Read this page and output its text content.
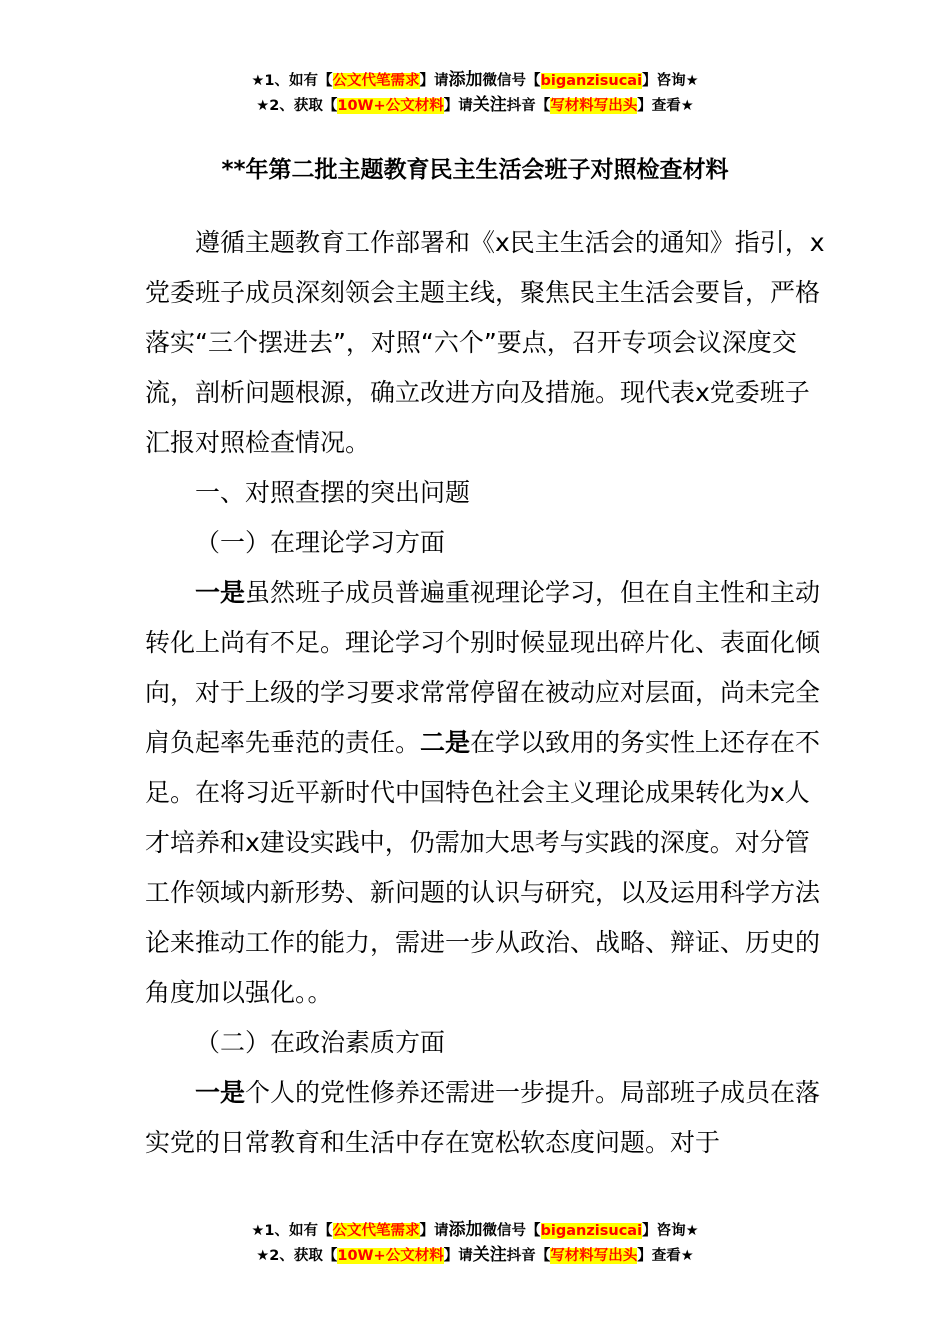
★1、如有【公文代笔需求】请添加微信号【biganzisucai】咨询★
★2、获取【10W+公文材料】请关注抖音【写材料写出头】查看★
**年第二批主题教育民主生活会班子对照检查材料

遵循主题教育工作部署和《x民主生活会的通知》指引，x党委班子成员深刻领会主题主线，聚焦民主生活会要旨，严格落实“三个摆进去”，对照“六个”要点，召开专项会议深度交流，剖析问题根源，确立改进方向及措施。现代表x党委班子汇报对照检查情况。

一、对照查摆的突出问题

（一）在理论学习方面

一是虽然班子成员普遍重视理论学习，但在自主性和主动转化上尚有不足。理论学习个别时候显现出碎片化、表面化倾向，对于上级的学习要求常常停留在被动应对层面，尚未完全肩负起率先垂范的责任。二是在学以致用的务实性上还存在不足。在将习近平新时代中国特色社会主义理论成果转化为x人才培养和x建设实践中，仍需加大思考与实践的深度。对分管工作领域内新形势、新问题的认识与研究，以及运用科学方法论来推动工作的能力，需进一步从政治、战略、辩证、历史的角度加以强化。。

（二）在政治素质方面

一是个人的党性修养还需进一步提升。局部班子成员在落实党的日常教育和生活中存在宽松软态度问题。对于

★1、如有【公文代笔需求】请添加微信号【biganzisucai】咨询★
★2、获取【10W+公文材料】请关注抖音【写材料写出头】查看★
